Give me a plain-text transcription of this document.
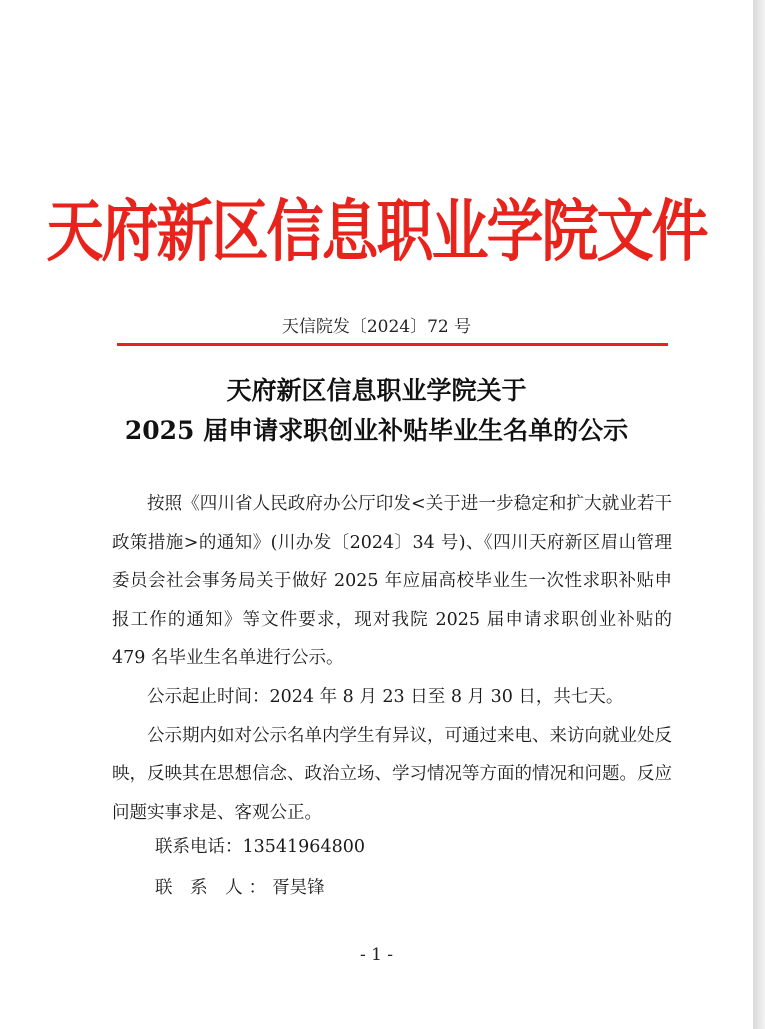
天府新区信息职业学院文件
天信院发〔2024〕72 号
天府新区信息职业学院关于
2025 届申请求职创业补贴毕业生名单的公示

按照《四川省人民政府办公厅印发<关于进一步稳定和扩大就业若干政策措施>的通知》(川办发〔2024〕34 号)、《四川天府新区眉山管理委员会社会事务局关于做好 2025 年应届高校毕业生一次性求职补贴申报工作的通知》等文件要求，现对我院 2025 届申请求职创业补贴的 479 名毕业生名单进行公示。

公示起止时间：2024 年 8 月 23 日至 8 月 30 日，共七天。

公示期内如对公示名单内学生有异议，可通过来电、来访向就业处反映，反映其在思想信念、政治立场、学习情况等方面的情况和问题。反应问题实事求是、客观公正。

联系电话：13541964800
联 系 人：胥昊锋
- 1 -
